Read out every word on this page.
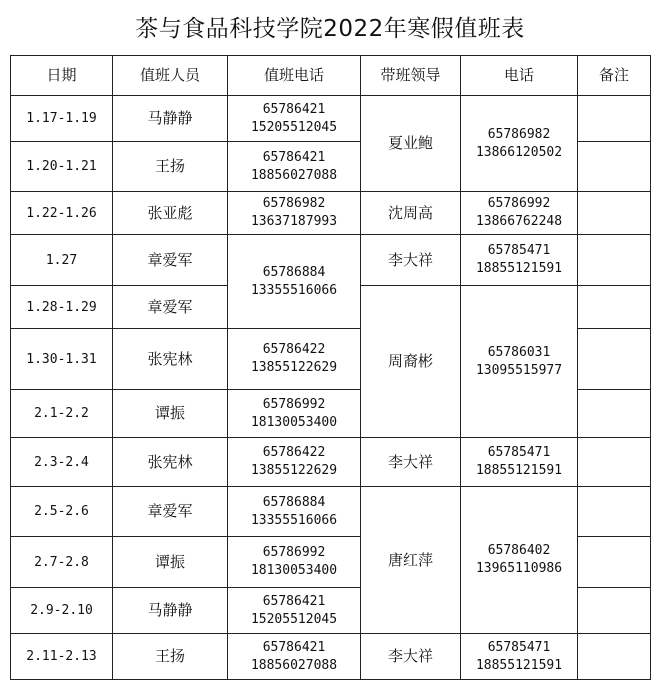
茶与食品科技学院2022年寒假值班表
日期	值班人员	值班电话	带班领导	电话	备注
1.17-1.19	马静静	65786421
15205512045	夏业鲍	65786982
13866120502	

1.20-1.21	王扬	65786421
18856027088			

1.22-1.26	张亚彪	65786982
13637187993	沈周高	65786992
13866762248	

1.27	章爱军	65786884
13355516066	李大祥	65785471
18855121591	

1.28-1.29	章爱军		周裔彬	65786031
13095515977	

1.30-1.31	张宪林	65786422
13855122629			

2.1-2.2	谭振	65786992
18130053400			

2.3-2.4	张宪林	65786422
13855122629	李大祥	65785471
18855121591	

2.5-2.6	章爱军	65786884
13355516066	唐红萍	65786402
13965110986	

2.7-2.8	谭振	65786992
18130053400			

2.9-2.10	马静静	65786421
15205512045			

2.11-2.13	王扬	65786421
18856027088	李大祥	65785471
18855121591	
